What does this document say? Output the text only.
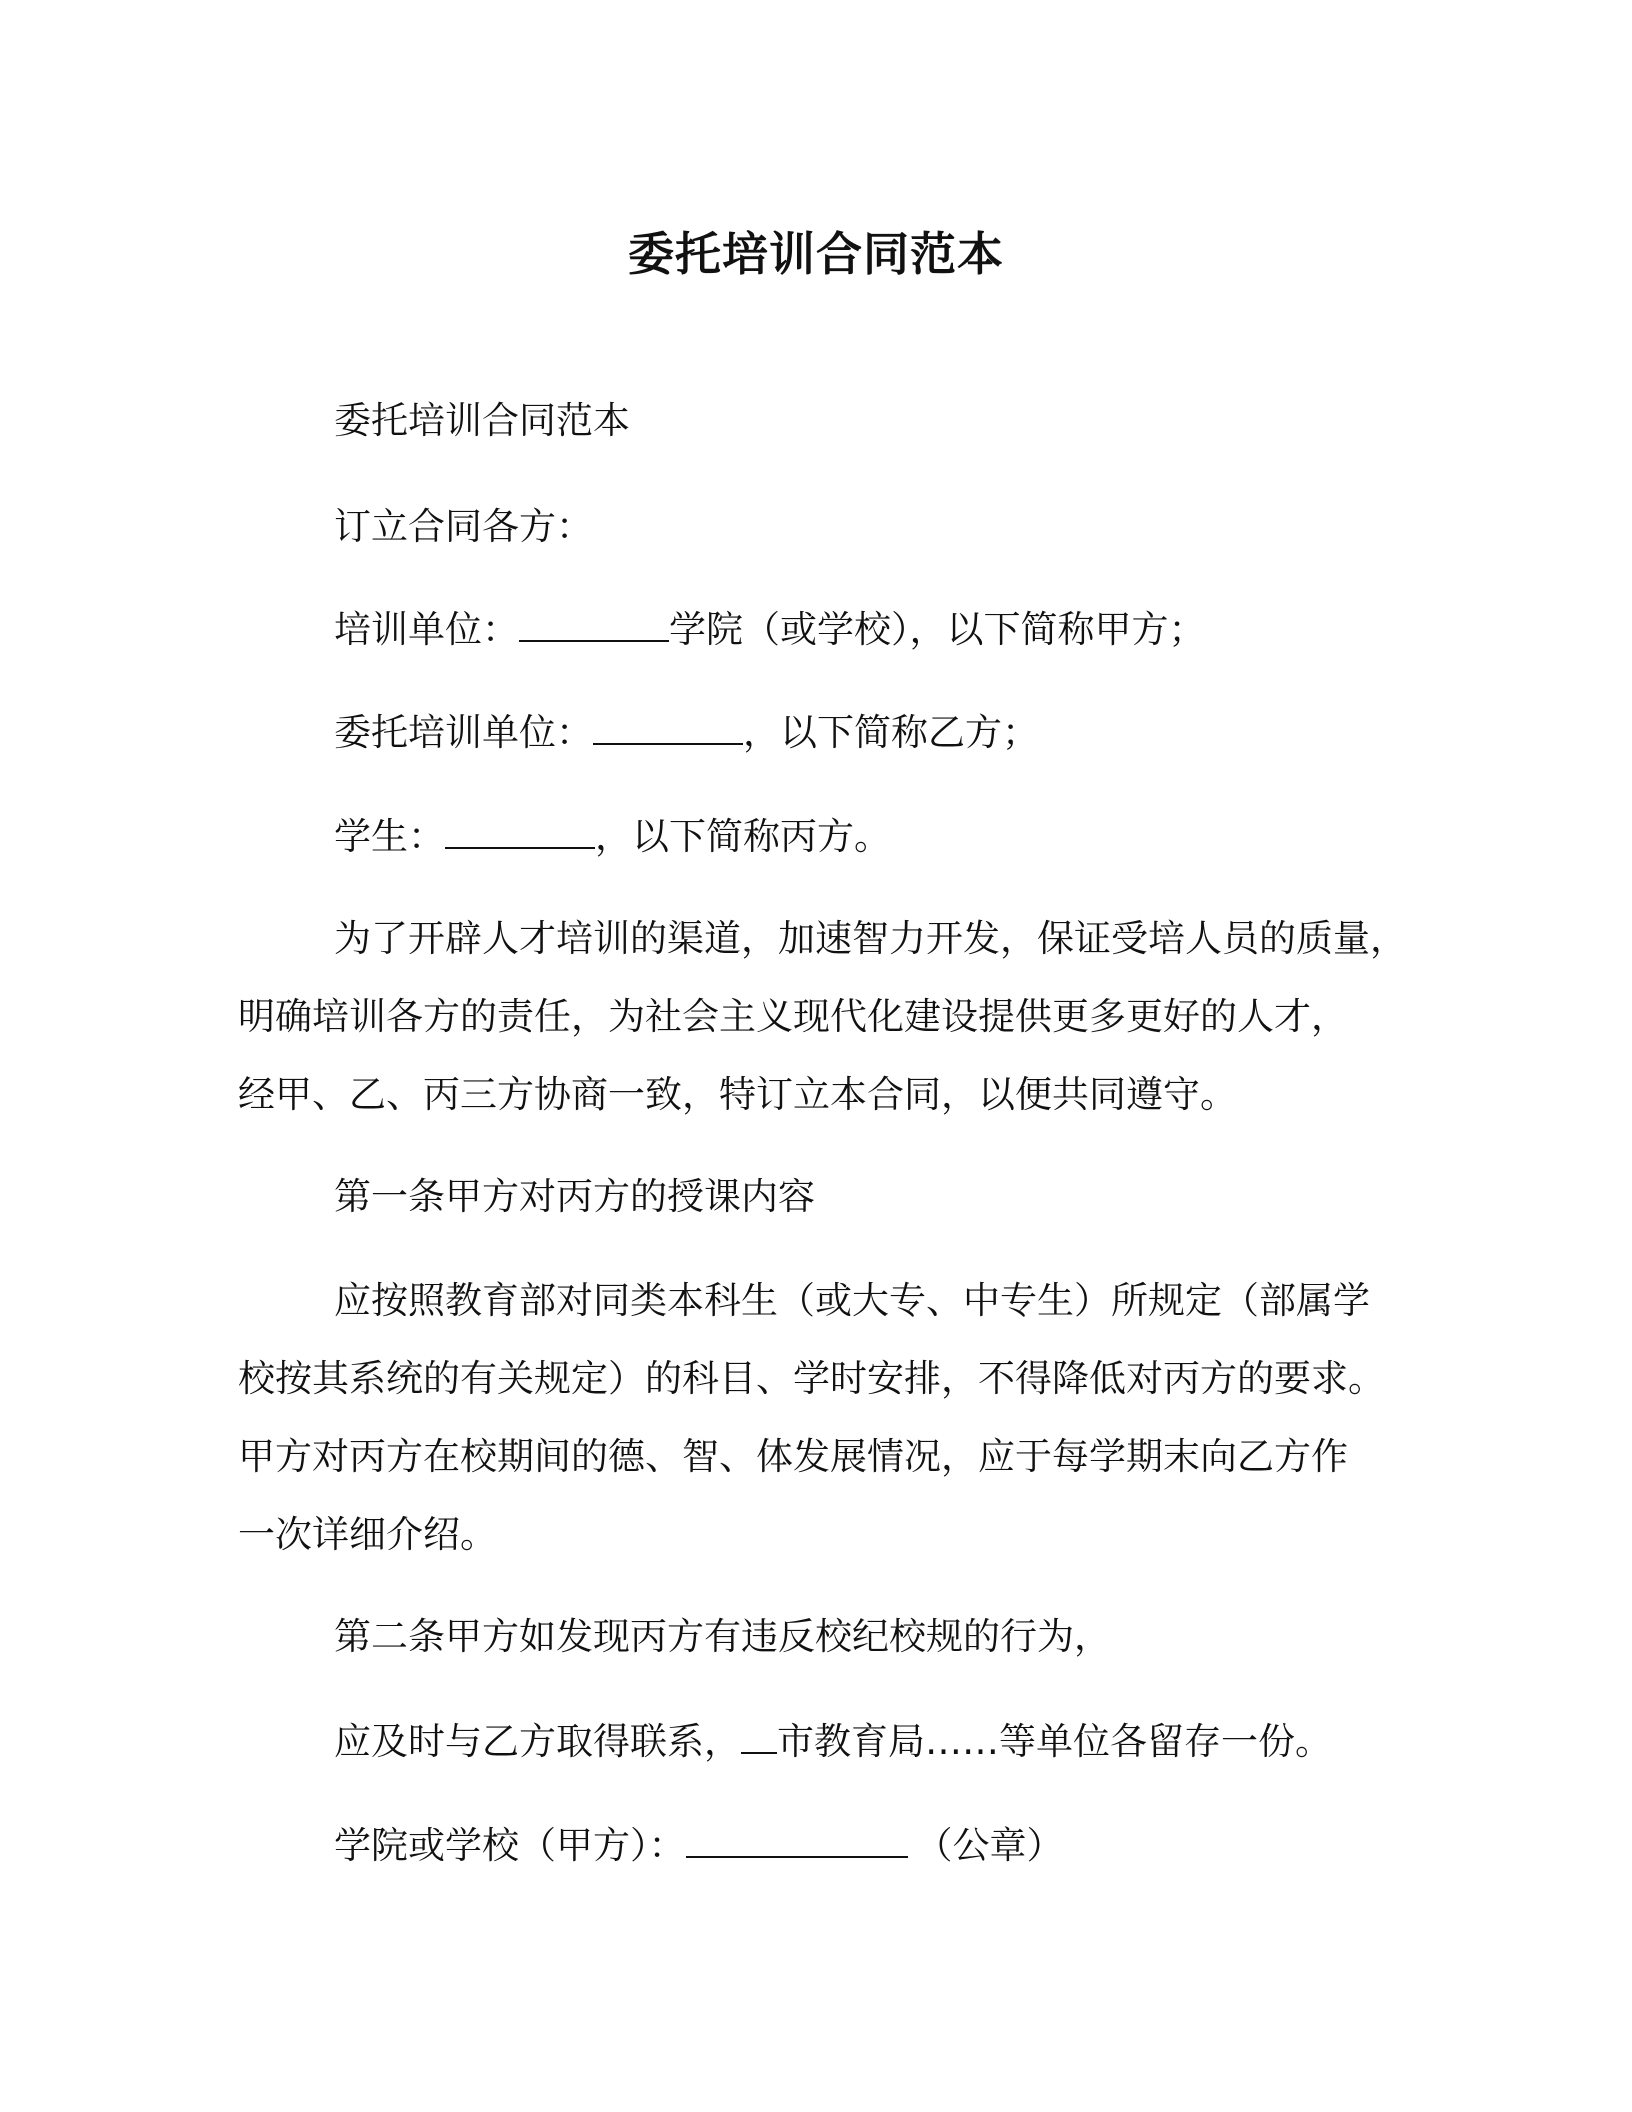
委托培训合同范本

委托培训合同范本

订立合同各方：

培训单位：	学院（或学校），以下简称甲方；

委托培训单位：	，以下简称乙方；

学生：	，以下简称丙方。

为了开辟人才培训的渠道，加速智力开发，保证受培人员的质量，

明确培训各方的责任，为社会主义现代化建设提供更多更好的人才，

经甲、乙、丙三方协商一致，特订立本合同，以便共同遵守。

第一条甲方对丙方的授课内容

应按照教育部对同类本科生（或大专、中专生）所规定（部属学

校按其系统的有关规定）的科目、学时安排，不得降低对丙方的要求。

甲方对丙方在校期间的德、智、体发展情况，应于每学期末向乙方作

一次详细介绍。

第二条甲方如发现丙方有违反校纪校规的行为，

应及时与乙方取得联系， 市教育局……等单位各留存一份。

学院或学校（甲方）：	（公章）
